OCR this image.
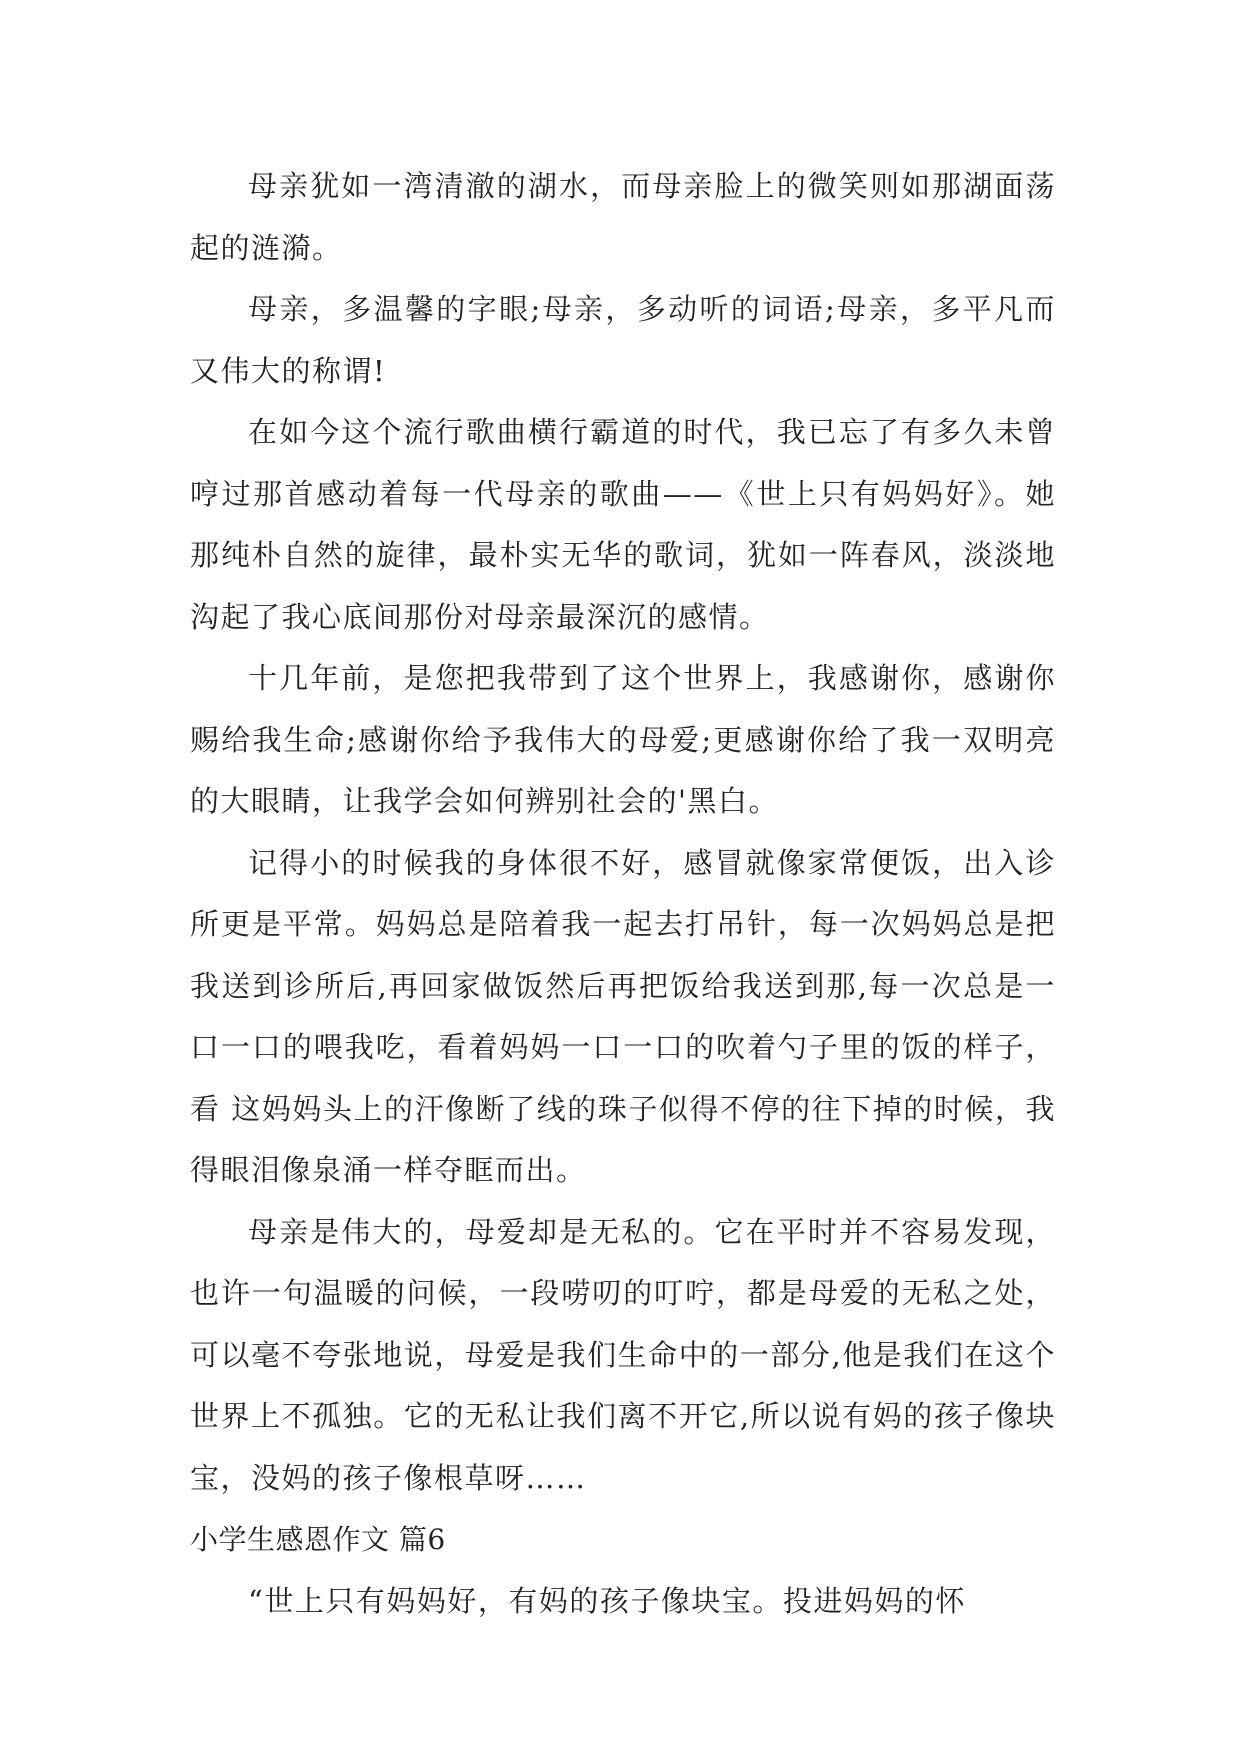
母亲犹如一湾清澈的湖水，而母亲脸上的微笑则如那湖面荡起的涟漪。

母亲，多温馨的字眼;母亲，多动听的词语;母亲，多平凡而又伟大的称谓!

在如今这个流行歌曲横行霸道的时代，我已忘了有多久未曾哼过那首感动着每一代母亲的歌曲——《世上只有妈妈好》。她那纯朴自然的旋律，最朴实无华的歌词，犹如一阵春风，淡淡地沟起了我心底间那份对母亲最深沉的感情。

十几年前，是您把我带到了这个世界上，我感谢你，感谢你赐给我生命;感谢你给予我伟大的母爱;更感谢你给了我一双明亮的大眼睛，让我学会如何辨别社会的'黑白。

记得小的时候我的身体很不好，感冒就像家常便饭，出入诊所更是平常。妈妈总是陪着我一起去打吊针，每一次妈妈总是把我送到诊所后,再回家做饭然后再把饭给我送到那,每一次总是一口一口的喂我吃，看着妈妈一口一口的吹着勺子里的饭的样子，看 这妈妈头上的汗像断了线的珠子似得不停的往下掉的时候，我得眼泪像泉涌一样夺眶而出。

母亲是伟大的，母爱却是无私的。它在平时并不容易发现，也许一句温暖的问候，一段唠叨的叮咛，都是母爱的无私之处，可以毫不夸张地说，母爱是我们生命中的一部分,他是我们在这个世界上不孤独。它的无私让我们离不开它,所以说有妈的孩子像块宝，没妈的孩子像根草呀……

小学生感恩作文 篇6

“世上只有妈妈好，有妈的孩子像块宝。投进妈妈的怀
